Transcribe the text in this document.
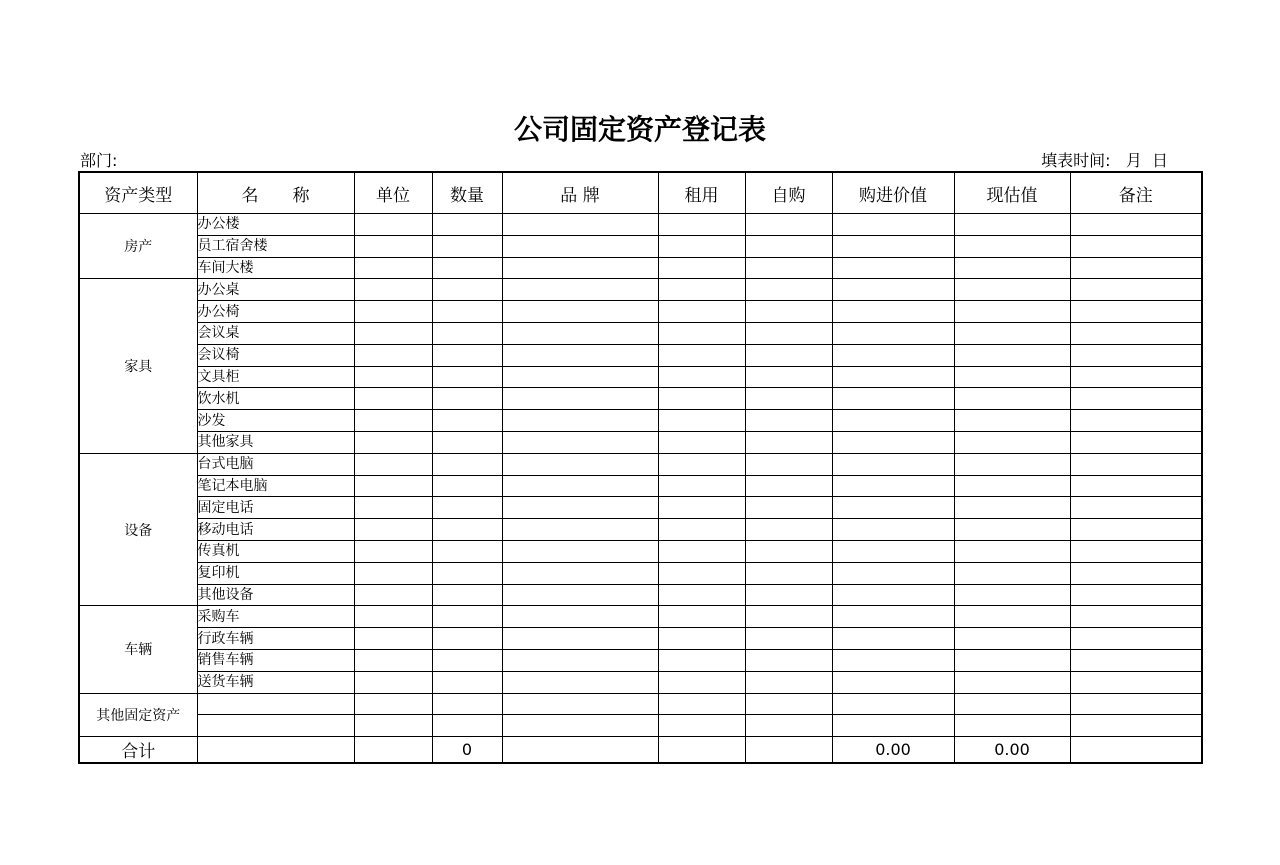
公司固定资产登记表
部门:	填表时间:   月  日
资产类型	名　　称	单位	数量	品 牌	租用	自购	购进价值	现估值	备注
房产	办公楼								
	员工宿舍楼								
	车间大楼								
家具	办公桌								
	办公椅								
	会议桌								
	会议椅								
	文具柜								
	饮水机								
	沙发								
	其他家具								
设备	台式电脑								
	笔记本电脑								
	固定电话								
	移动电话								
	传真机								
	复印机								
	其他设备								
车辆	采购车								
	行政车辆								
	销售车辆								
	送货车辆								
其他固定资产									

合计			0				0.00	0.00	
